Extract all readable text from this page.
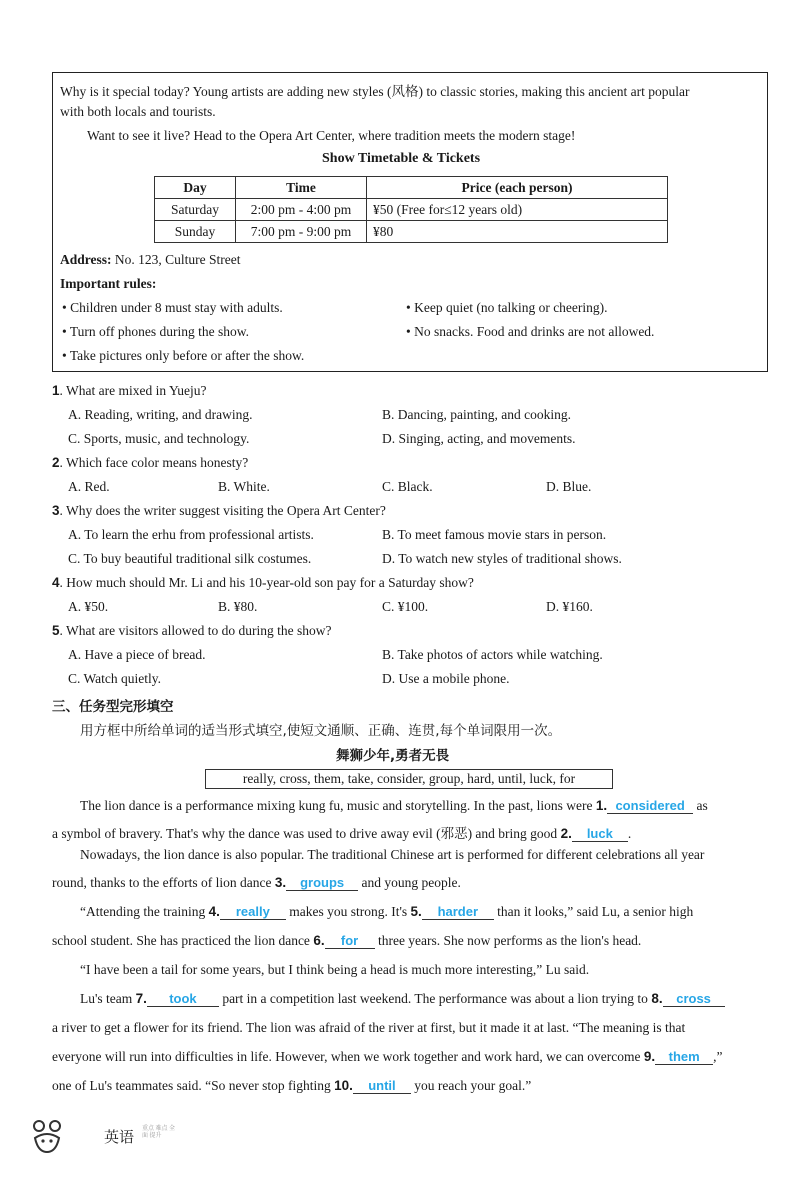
Why is it special today? Young artists are adding new styles (风格) to classic stories, making this ancient art popular
with both locals and tourists.
Want to see it live? Head to the Opera Art Center, where tradition meets the modern stage!
Show Timetable & Tickets
Day	Time	Price (each person)
Saturday	2:00 pm - 4:00 pm	¥50 (Free for≤12 years old)
Sunday	7:00 pm - 9:00 pm	¥80
Address: No. 123, Culture Street
Important rules:
• Children under 8 must stay with adults.	• Keep quiet (no talking or cheering).
• Turn off phones during the show.	• No snacks. Food and drinks are not allowed.
• Take pictures only before or after the show.
1. What are mixed in Yueju?
A. Reading, writing, and drawing.	B. Dancing, painting, and cooking.
C. Sports, music, and technology.	D. Singing, acting, and movements.
2. Which face color means honesty?
A. Red.	B. White.	C. Black.	D. Blue.
3. Why does the writer suggest visiting the Opera Art Center?
A. To learn the erhu from professional artists.	B. To meet famous movie stars in person.
C. To buy beautiful traditional silk costumes.	D. To watch new styles of traditional shows.
4. How much should Mr. Li and his 10-year-old son pay for a Saturday show?
A. ¥50.	B. ¥80.	C. ¥100.	D. ¥160.
5. What are visitors allowed to do during the show?
A. Have a piece of bread.	B. Take photos of actors while watching.
C. Watch quietly.	D. Use a mobile phone.
三、任务型完形填空
用方框中所给单词的适当形式填空,使短文通顺、正确、连贯,每个单词限用一次。
舞狮少年,勇者无畏
really, cross, them, take, consider, group, hard, until, luck, for
The lion dance is a performance mixing kung fu, music and storytelling. In the past, lions were 1. considered as
a symbol of bravery. That's why the dance was used to drive away evil (邪恶) and bring good 2. luck .
Nowadays, the lion dance is also popular. The traditional Chinese art is performed for different celebrations all year
round, thanks to the efforts of lion dance 3. groups and young people.
“Attending the training 4. really makes you strong. It's 5. harder than it looks,” said Lu, a senior high
school student. She has practiced the lion dance 6. for three years. She now performs as the lion's head.
“I have been a tail for some years, but I think being a head is much more interesting,” Lu said.
Lu's team 7. took part in a competition last weekend. The performance was about a lion trying to 8. cross
a river to get a flower for its friend. The lion was afraid of the river at first, but it made it at last. “The meaning is that
everyone will run into difficulties in life. However, when we work together and work hard, we can overcome 9. them ,”
one of Lu's teammates said. “So never stop fighting 10. until you reach your goal.”
英语 重点 难点 全面 提升
